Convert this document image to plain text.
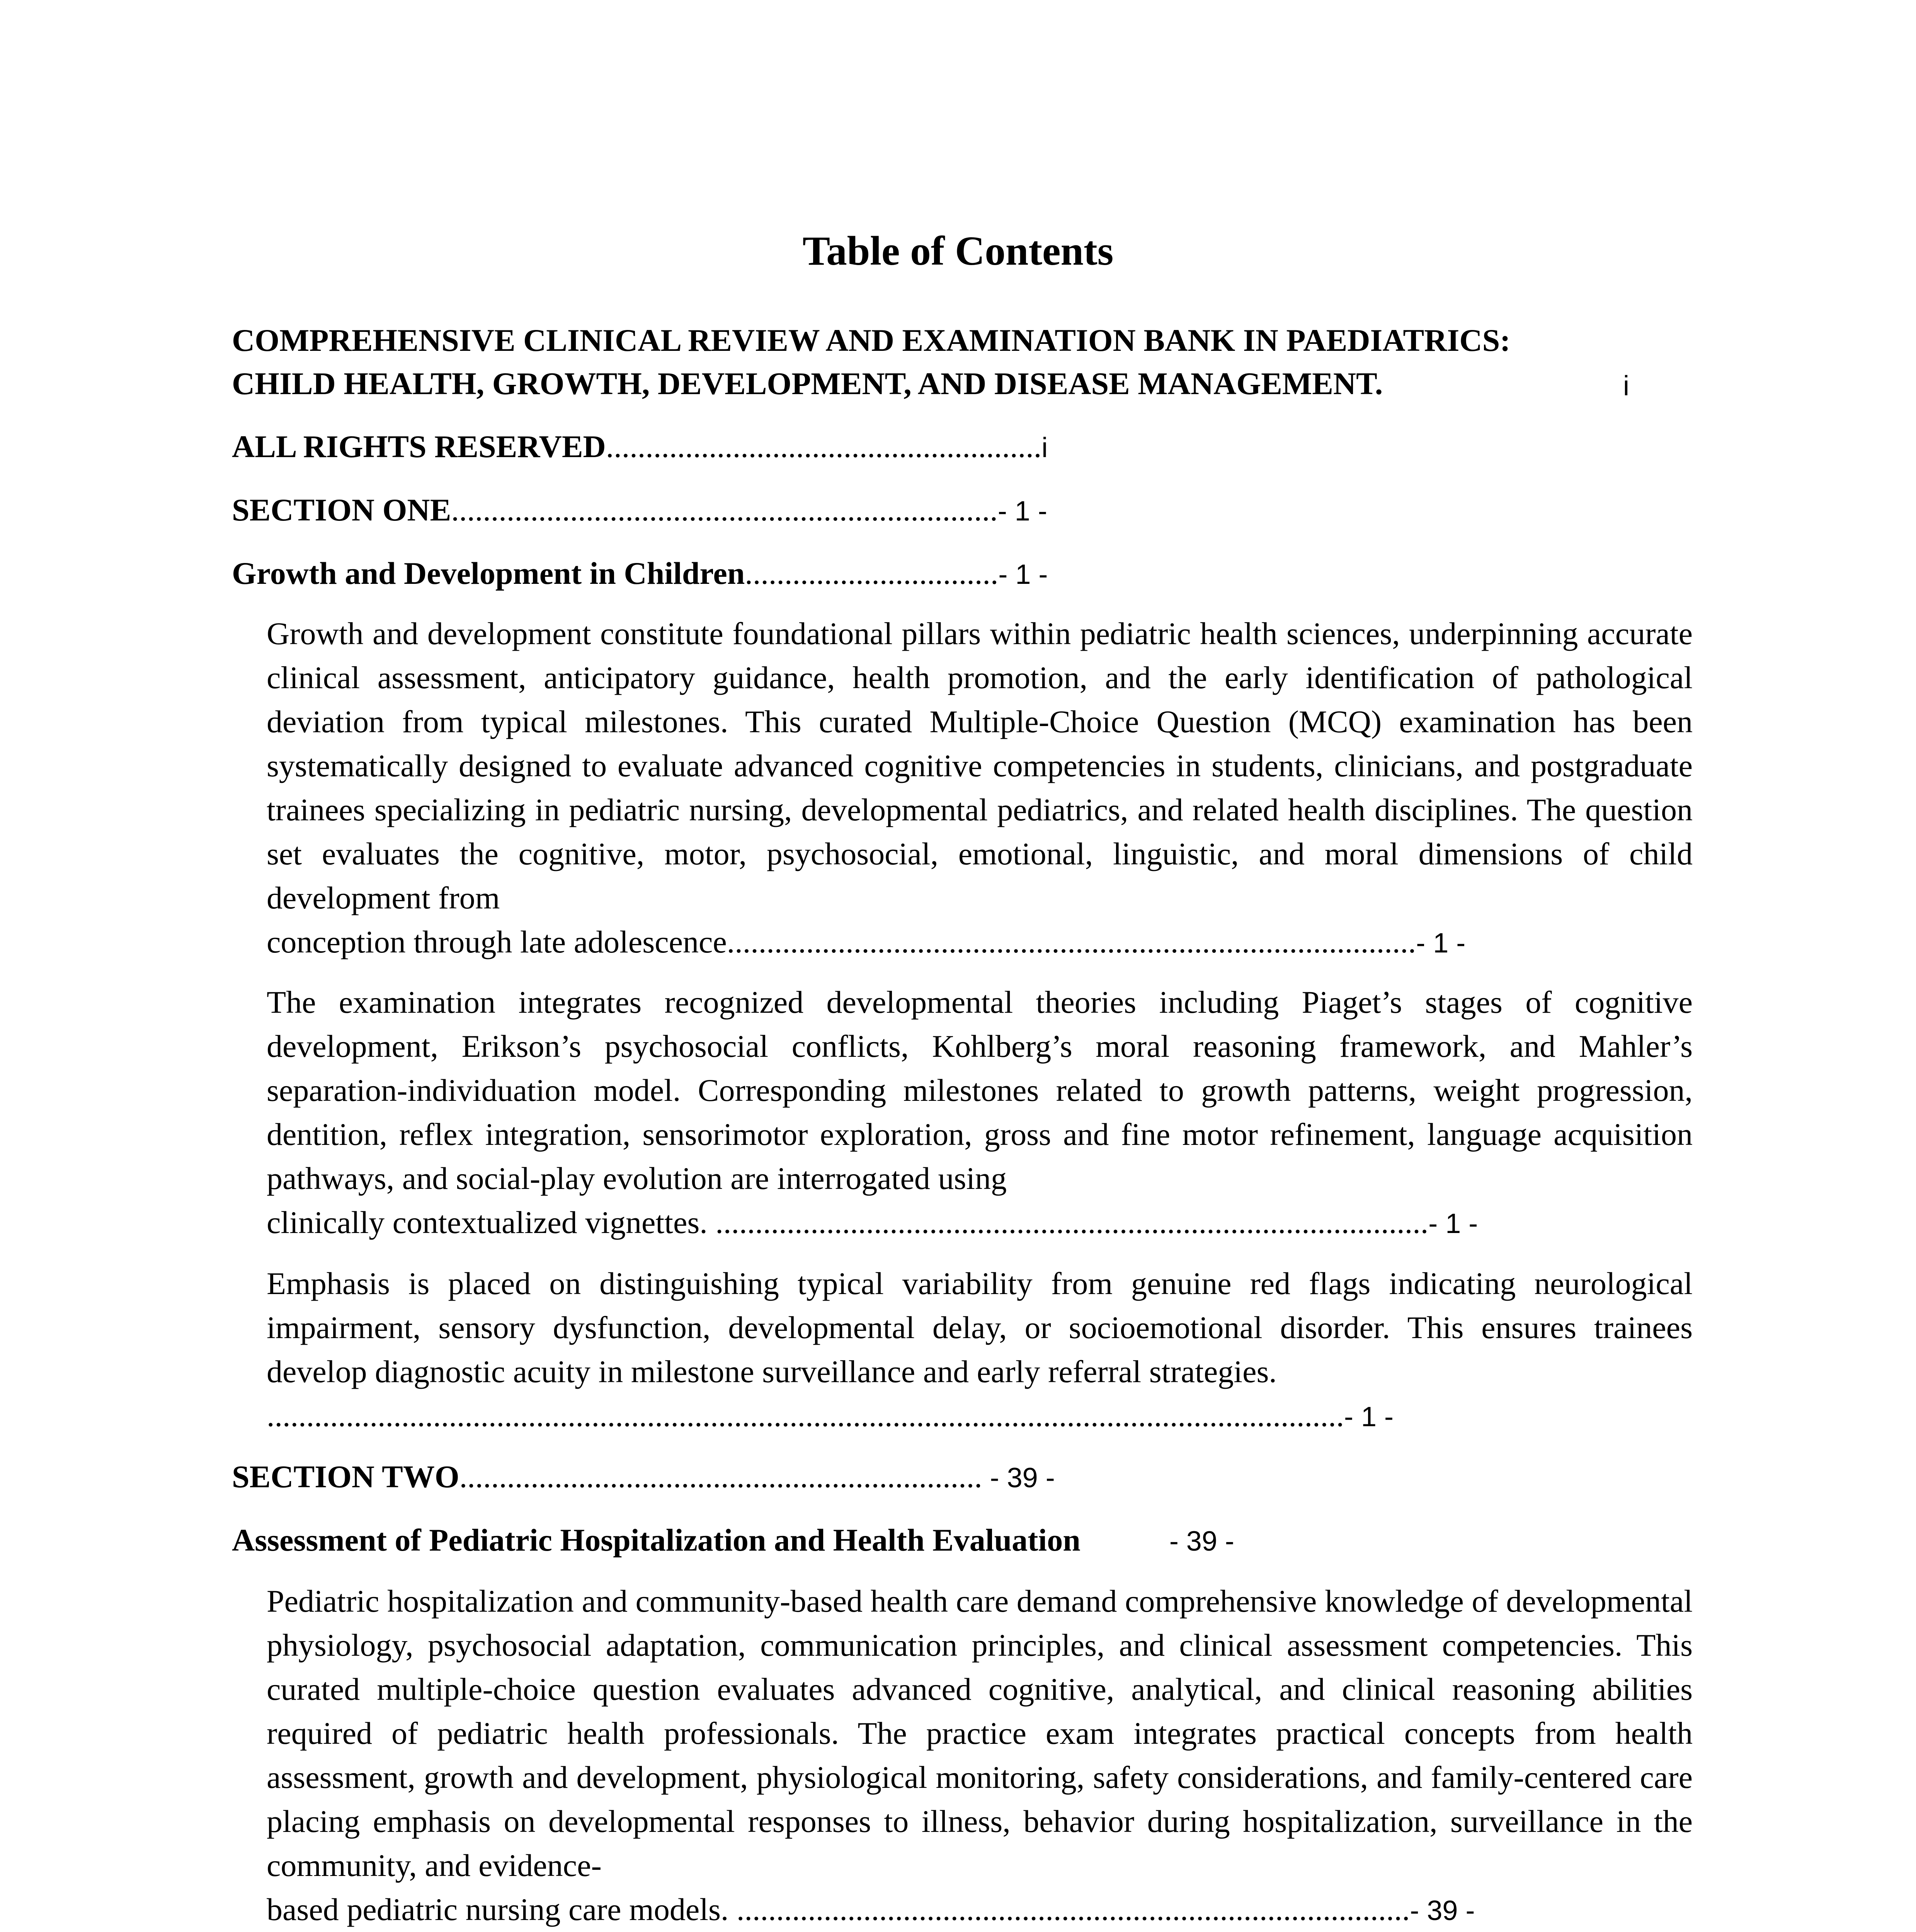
Table of Contents
COMPREHENSIVE CLINICAL REVIEW AND EXAMINATION BANK IN PAEDIATRICS:
CHILD HEALTH, GROWTH, DEVELOPMENT, AND DISEASE MANAGEMENT.	i
ALL RIGHTS RESERVED.......................................................i
SECTION ONE.....................................................................- 1 -
Growth and Development in Children................................- 1 -
Growth and development constitute foundational pillars within pediatric health sciences, underpinning accurate clinical assessment, anticipatory guidance, health promotion, and the early identification of pathological deviation from typical milestones. This curated Multiple-Choice Question (MCQ) examination has been systematically designed to evaluate advanced cognitive competencies in students, clinicians, and postgraduate trainees specializing in pediatric nursing, developmental pediatrics, and related health disciplines. The question set evaluates the cognitive, motor, psychosocial, emotional, linguistic, and moral dimensions of child development from
conception through late adolescence.......................................................................................- 1 -
The examination integrates recognized developmental theories including Piaget’s stages of cognitive development, Erikson’s psychosocial conflicts, Kohlberg’s moral reasoning framework, and Mahler’s separation-individuation model. Corresponding milestones related to growth patterns, weight progression, dentition, reflex integration, sensorimotor exploration, gross and fine motor refinement, language acquisition pathways, and social-play evolution are interrogated using
clinically contextualized vignettes. ..........................................................................................- 1 -
Emphasis is placed on distinguishing typical variability from genuine red flags indicating neurological impairment, sensory dysfunction, developmental delay, or socioemotional disorder. This ensures trainees develop diagnostic acuity in milestone surveillance and early referral strategies.
........................................................................................................................................- 1 -
SECTION TWO.................................................................. - 39 -
Assessment of Pediatric Hospitalization and Health Evaluation	- 39 -
Pediatric hospitalization and community-based health care demand comprehensive knowledge of developmental physiology, psychosocial adaptation, communication principles, and clinical assessment competencies. This curated multiple-choice question evaluates advanced cognitive, analytical, and clinical reasoning abilities required of pediatric health professionals. The practice exam integrates practical concepts from health assessment, growth and development, physiological monitoring, safety considerations, and family-centered care placing emphasis on developmental responses to illness, behavior during hospitalization, surveillance in the community, and evidence-
based pediatric nursing care models. .....................................................................................- 39 -
